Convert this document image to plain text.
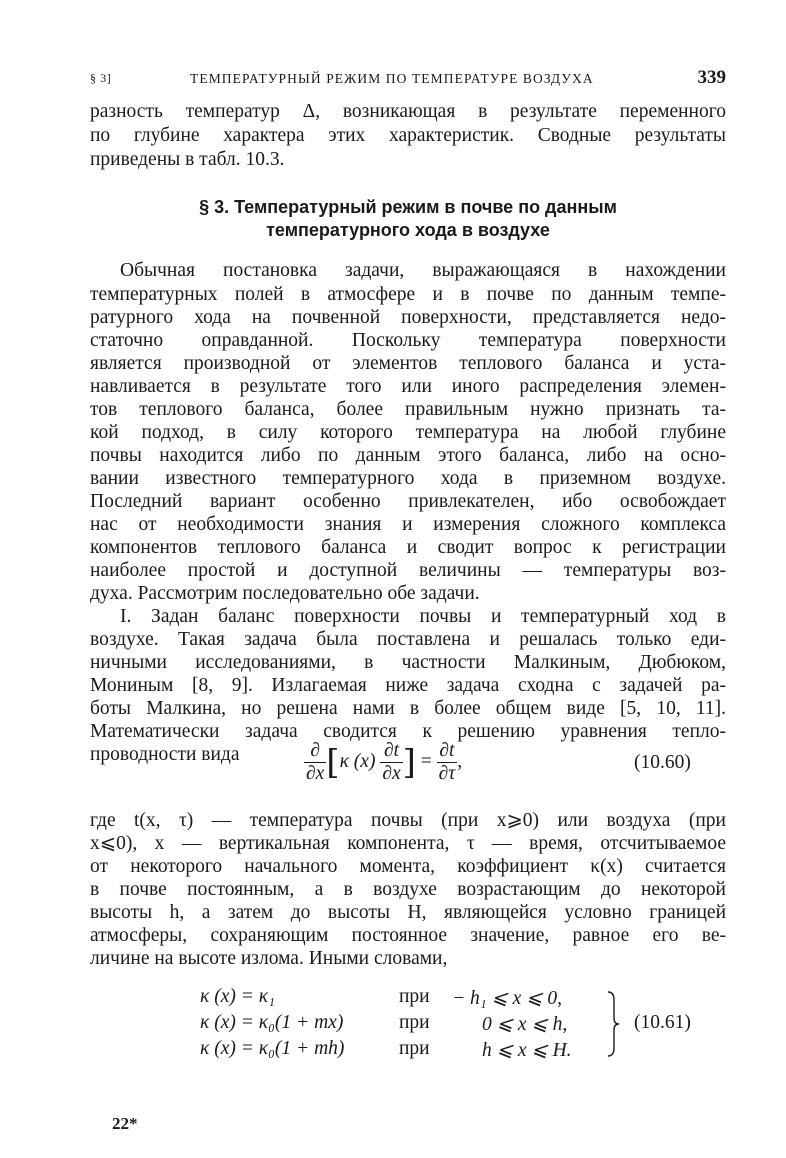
§ 3]	ТЕМПЕРАТУРНЫЙ РЕЖИМ ПО ТЕМПЕРАТУРЕ ВОЗДУХА	339
разность температур Δ, возникающая в результате переменного
по глубине характера этих характеристик. Сводные результаты
приведены в табл. 10.3.
§ 3. Температурный режим в почве по данным
температурного хода в воздухе
Обычная постановка задачи, выражающаяся в нахождении
температурных полей в атмосфере и в почве по данным темпе-
ратурного хода на почвенной поверхности, представляется недо-
статочно оправданной. Поскольку температура поверхности
является производной от элементов теплового баланса и уста-
навливается в результате того или иного распределения элемен-
тов теплового баланса, более правильным нужно признать та-
кой подход, в силу которого температура на любой глубине
почвы находится либо по данным этого баланса, либо на осно-
вании известного температурного хода в приземном воздухе.
Последний вариант особенно привлекателен, ибо освобождает
нас от необходимости знания и измерения сложного комплекса
компонентов теплового баланса и сводит вопрос к регистрации
наиболее простой и доступной величины — температуры воз-
духа. Рассмотрим последовательно обе задачи.
I. Задан баланс поверхности почвы и температурный ход в
воздухе. Такая задача была поставлена и решалась только еди-
ничными исследованиями, в частности Малкиным, Дюбюком,
Мониным [8, 9]. Излагаемая ниже задача сходна с задачей ра-
боты Малкина, но решена нами в более общем виде [5, 10, 11].
Математически задача сводится к решению уравнения тепло-
проводности вида	$\frac{\partial}{\partial x} [\kappa$ $(x) \frac{\partial t}{\partial x}$ ] = $\frac{\partial t}{\partial\tau}$ ,	(10.60)
где t(x, τ) — температура почвы (при x⩾0) или воздуха (при
x⩽0), x — вертикальная компонента, τ — время, отсчитываемое
от некоторого начального момента, коэффициент κ(x) считается
в почве постоянным, а в воздухе возрастающим до некоторой
высоты h, а затем до высоты H, являющейся условно границей
атмосферы, сохраняющим постоянное значение, равное его ве-
личине на высоте излома. Иными словами,
κ (x) = κ₁	при − h₁ ⩽ x ⩽ 0,
κ (x) = κ₀(1 + mx)	при	0 ⩽ x ⩽ h,
κ (x) = κ₀(1 + mh)	при	h ⩽ x ⩽ H.
(10.61)
22*
